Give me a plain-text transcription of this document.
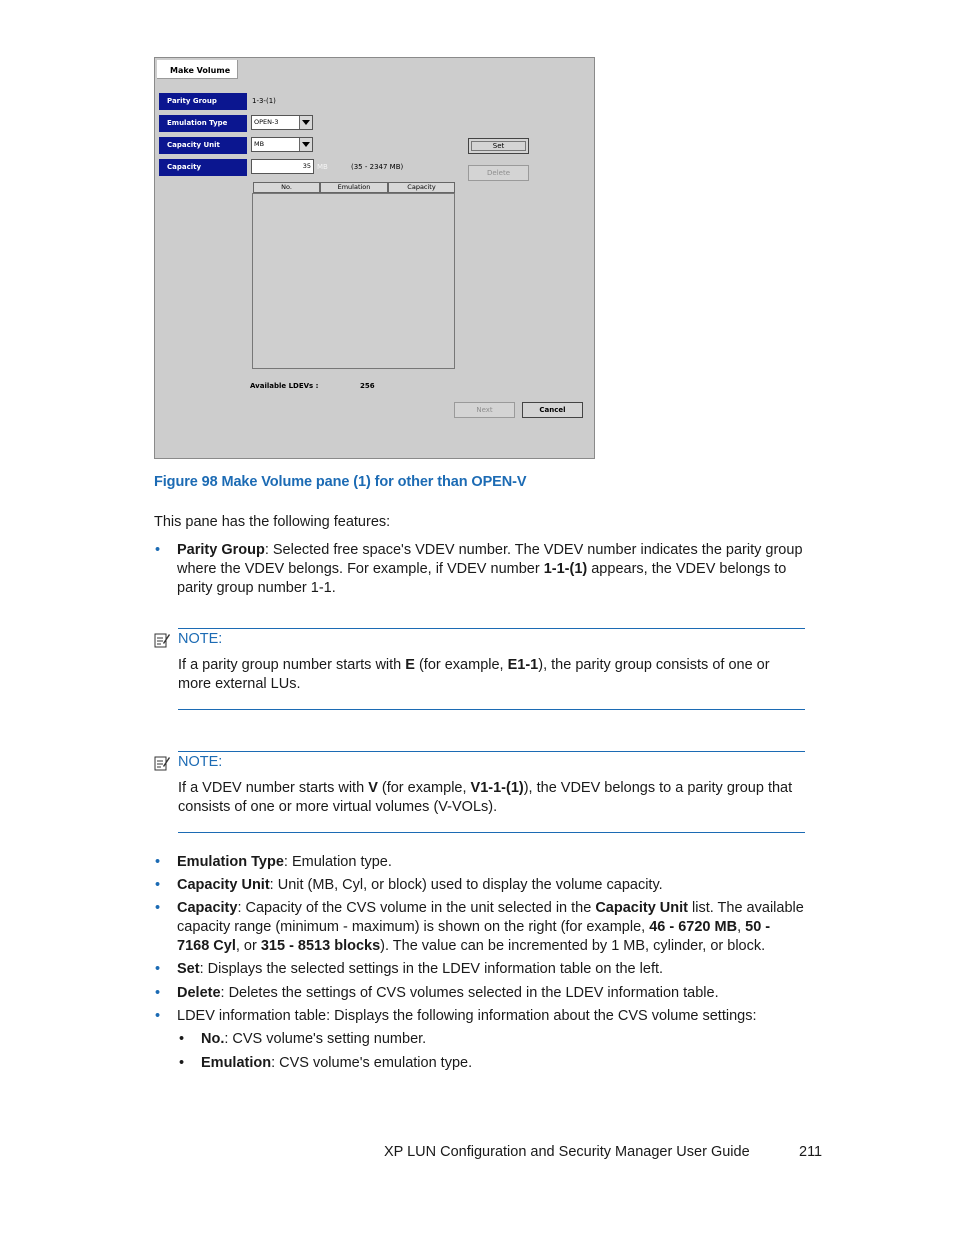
Make Volume
Parity Group	1-3-(1)
Emulation Type	OPEN-3
Capacity Unit	MB
Capacity	35 MB	(35 - 2347 MB)
Set
Delete
No.	Emulation	Capacity
Available LDEVs :	256
Next	Cancel
Figure 98 Make Volume pane (1) for other than OPEN-V
This pane has the following features:
• Parity Group: Selected free space's VDEV number. The VDEV number indicates the parity group
where the VDEV belongs. For example, if VDEV number 1-1-(1) appears, the VDEV belongs to
parity group number 1-1.
NOTE:
If a parity group number starts with E (for example, E1-1), the parity group consists of one or
more external LUs.
NOTE:
If a VDEV number starts with V (for example, V1-1-(1)), the VDEV belongs to a parity group that
consists of one or more virtual volumes (V-VOLs).
• Emulation Type: Emulation type.
• Capacity Unit: Unit (MB, Cyl, or block) used to display the volume capacity.
• Capacity: Capacity of the CVS volume in the unit selected in the Capacity Unit list. The available
capacity range (minimum - maximum) is shown on the right (for example, 46 - 6720 MB, 50 -
7168 Cyl, or 315 - 8513 blocks). The value can be incremented by 1 MB, cylinder, or block.
• Set: Displays the selected settings in the LDEV information table on the left.
• Delete: Deletes the settings of CVS volumes selected in the LDEV information table.
• LDEV information table: Displays the following information about the CVS volume settings:
• No.: CVS volume's setting number.
• Emulation: CVS volume's emulation type.
XP LUN Configuration and Security Manager User Guide	211
